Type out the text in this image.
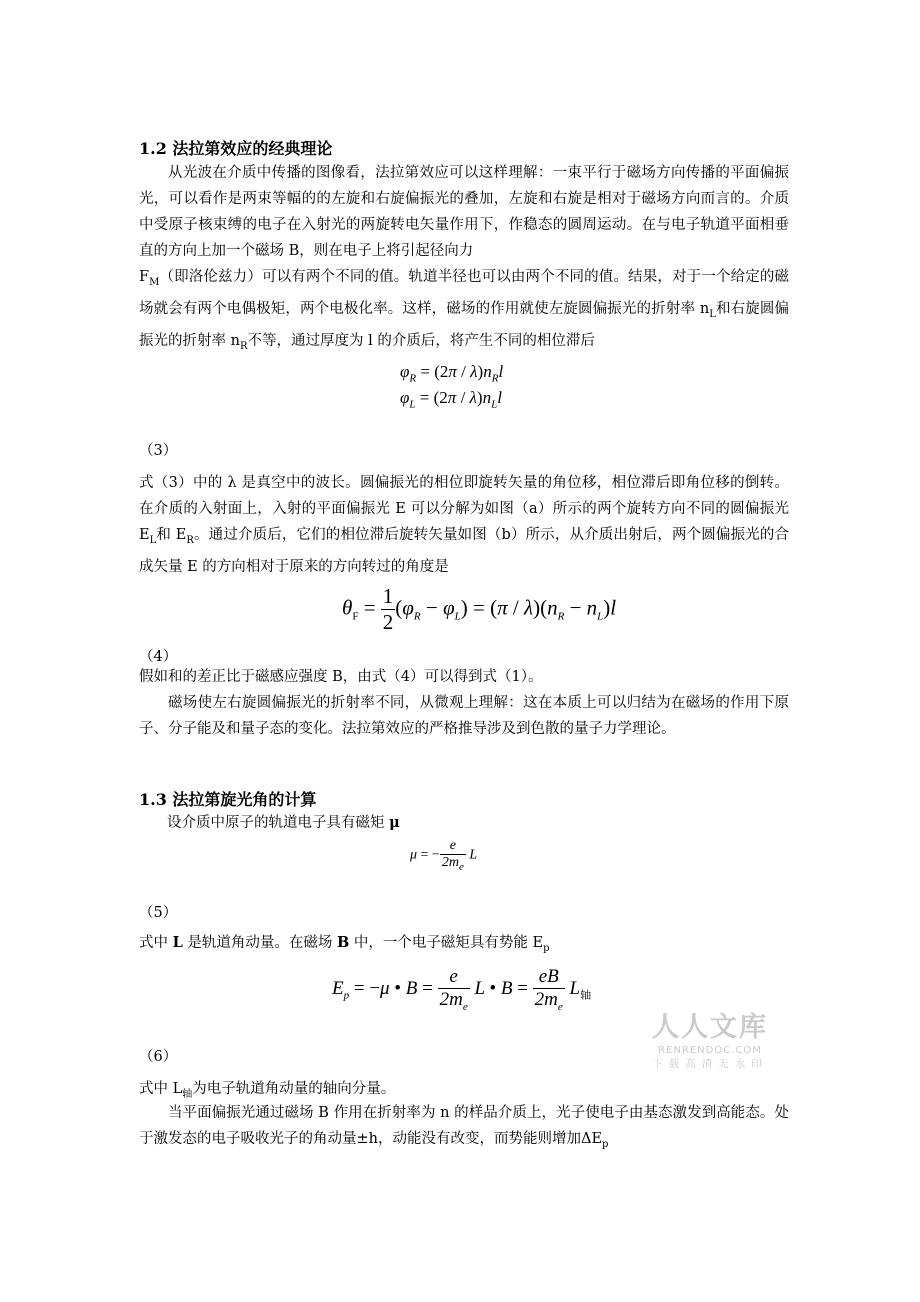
1.2 法拉第效应的经典理论
从光波在介质中传播的图像看，法拉第效应可以这样理解：一束平行于磁场方向传播的平面偏振光，可以看作是两束等幅的的左旋和右旋偏振光的叠加，左旋和右旋是相对于磁场方向而言的。介质中受原子核束缚的电子在入射光的两旋转电矢量作用下，作稳态的圆周运动。在与电子轨道平面相垂直的方向上加一个磁场 B，则在电子上将引起径向力
$F_M$（即洛伦兹力）可以有两个不同的值。轨道半径也可以由两个不同的值。结果，对于一个给定的磁场就会有两个电偶极矩，两个电极化率。这样，磁场的作用就使左旋圆偏振光的折射率 $n_L$和右旋圆偏振光的折射率 $n_R$不等，通过厚度为 l 的介质后，将产生不同的相位滞后
$\varphi_R = (2\pi / \lambda)n_Rl$
$\varphi_L = (2\pi / \lambda)n_Ll$
（3）
式（3）中的 λ 是真空中的波长。圆偏振光的相位即旋转矢量的角位移，相位滞后即角位移的倒转。在介质的入射面上，入射的平面偏振光 E 可以分解为如图（a）所示的两个旋转方向不同的圆偏振光 $E_L$和 $E_R$。通过介质后，它们的相位滞后旋转矢量如图（b）所示，从介质出射后，两个圆偏振光的合成矢量 E 的方向相对于原来的方向转过的角度是
$\theta_F = \frac{1}{2} (\varphi_R - \varphi_L) = (\pi / \lambda)(n_R - n_L)l$
（4）
假如和的差正比于磁感应强度 B，由式（4）可以得到式（1）。
磁场使左右旋圆偏振光的折射率不同，从微观上理解：这在本质上可以归结为在磁场的作用下原子、分子能及和量子态的变化。法拉第效应的严格推导涉及到色散的量子力学理论。
1.3 法拉第旋光角的计算
设介质中原子的轨道电子具有磁矩 μ
μ = − $\frac{e}{2m_e}$ L
（5）
式中 L 是轨道角动量。在磁场 B 中，一个电子磁矩具有势能 $E_p$
$E_p = -\mu$ • $B = \frac{e}{2m_e}$ L • $B = \frac{eB}{2m_e} L_轴$
（6）
式中 $L_轴$为电子轨道角动量的轴向分量。
当平面偏振光通过磁场 B 作用在折射率为 n 的样品介质上，光子使电子由基态激发到高能态。处于激发态的电子吸收光子的角动量±h，动能没有改变，而势能则增加$\Delta E_p$
人人文库
RENRENDOC.COM
下载高清无水印
